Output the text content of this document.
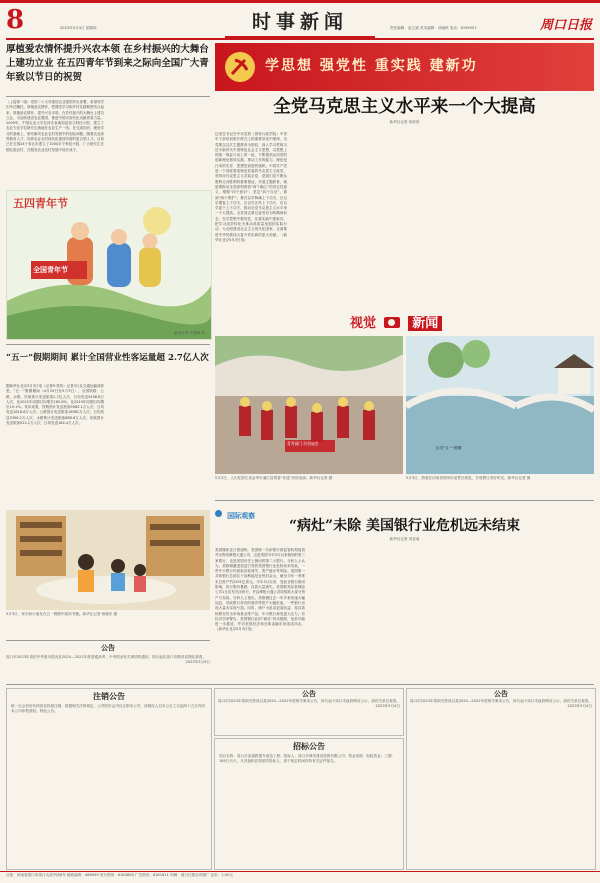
8	2023年5月4日 星期四	时事新闻	责任编辑：赵文斌 美术编辑：孙晓秋 电话：6199507	周口日报
厚植爱农情怀提升兴农本领 在乡村振兴的大舞台上建功立业 在五四青年节到来之际向全国广大青年致以节日的祝贺
（上接第一版）党的二十大对建设农业强国作出部署，希望同学们牢记嘱托，厚植爱农情怀，把课堂学习和乡村实践紧密结合起来，厚植爱农情怀，提升兴农本领，在乡村振兴的大舞台上建功立业，为加快建设农业强国、推进中国式现代化贡献青春力量。2009年，中国农业大学在河北省曲周县设立科技小院，建立了农业专业学位研究生就地在农业生产一线，在完成知识、理论学习的基础上，研究解决农业农村发展中的实际问题。随着农业高等教育人才，培养农业农村现代化建设所需的复合型人才。目前已在全国24个省区市建立了1000多个科技小院，广大研究生长期扎根农村，在服务农业农村发展中成长成才。
五四青年节
全国青年节
新华社发 朱慧卿 作
“五一”假期期间 累计全国营业性客运量超 2.7亿人次
据新华社北京5月3日电（记者叶昊鸣）记者3日从交通运输部获悉，“五一”假期期间（4月29日至5月3日），全国铁路、公路、水路、民航预计发送旅客2.7亿人次，日均发送5458.8万人次，比2022年同期日均增长162.8%，比2019年同期日均增长19.1%。具体来看，铁路预计发送旅客9083.1万人次，日均发送1816.6万人次；公路预计发送旅客16981万人次，日均发送3396.2万人次；水路预计发送旅客688.6万人次；民航预计发送旅客922.1万人次，日均发送184.4万人次。
5月3日，家长和小朋友在五一假期中阅读书籍。新华社记者 杨晓东 摄
公告
周口市2023年高招中考基本情况及2020—2022年度普通高考、中考情况有关事项的通知，即日起在周口市教育局网站查看。
2023年5月4日
学思想 强党性 重实践 建新功
全党马克思主义水平来一个大提高
新华社记者 何欣欣
这里总书记在中央党校（国家行政学院）中青年干部培训班开班式上的重要讲话中强调，全党要以这次主题教育为契机，深入学习贯彻习近平新时代中国特色社会主义思想，以思想上的统一保证行动上的一致，不断提高运用党的创新理论指导实践、推动工作的能力。理论是行动的先导，思想是前进的旗帜。中国共产党是一个高度重视理论武装的马克思主义政党，坚持用马克思主义武装全党，是我们党不断从胜利走向胜利的重要保证。开展主题教育，就是要推动全党深刻领悟“两个确立”的决定性意义，增强“四个意识”、坚定“四个自信”、做到“两个维护”。要在以学铸魂上下功夫，在以学增智上下功夫，在以学正风上下功夫，在以学促干上下功夫，推动全党马克思主义水平来一个大提高。全党同志要以奋发有为的精神状态，在学思想中强党性，在重实践中建新功，把学习成效转化为推动高质量发展的实际行动，为全面建设社会主义现代化国家、全面推进中华民族伟大复兴作出新的更大贡献。（新华社北京5月3日电）
视觉	新闻
青秀园门·民俗庙会
5月2日，人们在浙江省金华市浦江县观看“非遗”民俗表演。新华社记者 摄
乐享“五一”假期
5月3日，游客在河南省郑州市某景区游览，享受假日美好时光。新华社记者 摄
国际观察
“病灶”未除 美国银行业危机远未结束
新华社记者 刘亚南
美国媒体近日报道称，美国第一共和银行被监管机构接管并出售给摩根大通公司，这是美国今年3月以来倒闭的第三家银行，也是美国历史上倒闭的第二大银行。分析人士认为，美联储激进加息引发的美国银行业危机尚未结束，一些中小银行仍面临存款流失、资产缩水等风险。美国第一共和银行总部位于加利福尼亚州旧金山，截至今年一季度末总资产约2291亿美元。今年3月以来，受硅谷银行倒闭影响，该行股价暴跌，存款大量流失。美国联邦存款保险公司1日宣布关闭该行，并由摩根大通公司收购其大部分资产与存款。分析人士指出，美联储过去一年多来快速大幅加息，导致银行持有的债券等资产大幅贬值，一些银行出现大量未实现亏损。同时，储户为追求更高收益，将存款转移至货币市场基金等产品，中小银行承受更大压力。有经济学家警告，美国银行业的“病灶”仍未根除，危机可能进一步蔓延，并对美国经济和全球金融市场造成冲击。（新华社北京5月3日电）
注销公告
统一社会信用代码营业执照注销，根据相关法律规定，公司股东会决议注销本公司，请债权人自本公告之日起四十五日内向本公司申报债权。特此公告。
公告
周口市2023年招商引资项目及2020—2022年度相关事项公告，即日起于周口市政府网站公示，请有关单位查看。
2023年5月4日
招标公告
项目名称：周口市某道路提升改造工程；招标人：周口市城市建设投资有限公司；资金来源：财政资金；工期：180日历天。凡具备相应资质的投标人，请于规定时间内持有关证件报名。
公告
周口市2023年招商引资项目及2020—2022年度相关事项公告，即日起于周口市政府网站公示，请有关单位查看。
2023年5月4日
社址：河南省周口市周口大道中段6号 邮政编码：466099 发行热线：6183858 广告热线：6181811 印刷：周口日报社印刷厂 定价：1.00元
